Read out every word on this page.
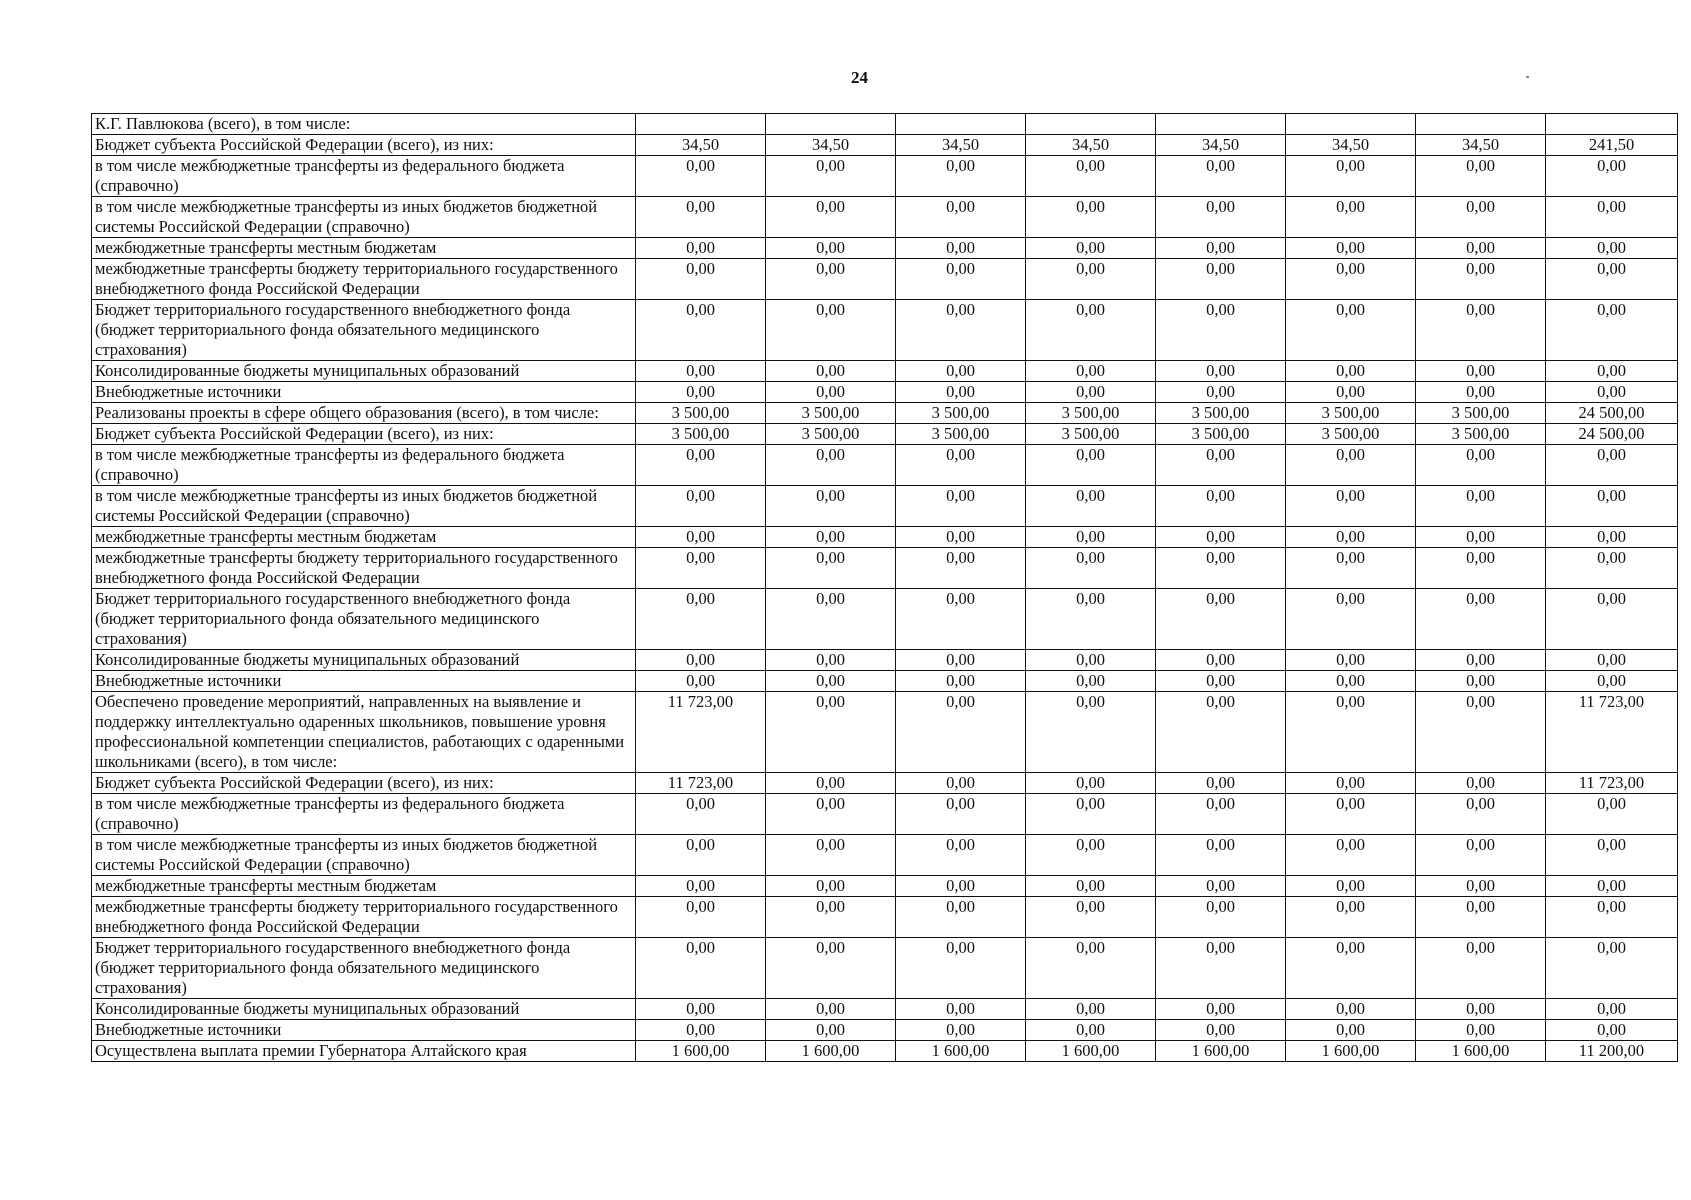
24
К.Г. Павлюкова (всего), в том числе:								
Бюджет субъекта Российской Федерации (всего), из них:	34,50	34,50	34,50	34,50	34,50	34,50	34,50	241,50
в том числе межбюджетные трансферты из федерального бюджета (справочно)	0,00	0,00	0,00	0,00	0,00	0,00	0,00	0,00
в том числе межбюджетные трансферты из иных бюджетов бюджетной системы Российской Федерации (справочно)	0,00	0,00	0,00	0,00	0,00	0,00	0,00	0,00
межбюджетные трансферты местным бюджетам	0,00	0,00	0,00	0,00	0,00	0,00	0,00	0,00
межбюджетные трансферты бюджету территориального государственного внебюджетного фонда Российской Федерации	0,00	0,00	0,00	0,00	0,00	0,00	0,00	0,00
Бюджет территориального государственного внебюджетного фонда (бюджет территориального фонда обязательного медицинского страхования)	0,00	0,00	0,00	0,00	0,00	0,00	0,00	0,00
Консолидированные бюджеты муниципальных образований	0,00	0,00	0,00	0,00	0,00	0,00	0,00	0,00
Внебюджетные источники	0,00	0,00	0,00	0,00	0,00	0,00	0,00	0,00
Реализованы проекты в сфере общего образования (всего), в том числе:	3 500,00	3 500,00	3 500,00	3 500,00	3 500,00	3 500,00	3 500,00	24 500,00
Бюджет субъекта Российской Федерации (всего), из них:	3 500,00	3 500,00	3 500,00	3 500,00	3 500,00	3 500,00	3 500,00	24 500,00
в том числе межбюджетные трансферты из федерального бюджета (справочно)	0,00	0,00	0,00	0,00	0,00	0,00	0,00	0,00
в том числе межбюджетные трансферты из иных бюджетов бюджетной системы Российской Федерации (справочно)	0,00	0,00	0,00	0,00	0,00	0,00	0,00	0,00
межбюджетные трансферты местным бюджетам	0,00	0,00	0,00	0,00	0,00	0,00	0,00	0,00
межбюджетные трансферты бюджету территориального государственного внебюджетного фонда Российской Федерации	0,00	0,00	0,00	0,00	0,00	0,00	0,00	0,00
Бюджет территориального государственного внебюджетного фонда (бюджет территориального фонда обязательного медицинского страхования)	0,00	0,00	0,00	0,00	0,00	0,00	0,00	0,00
Консолидированные бюджеты муниципальных образований	0,00	0,00	0,00	0,00	0,00	0,00	0,00	0,00
Внебюджетные источники	0,00	0,00	0,00	0,00	0,00	0,00	0,00	0,00
Обеспечено проведение мероприятий, направленных на выявление и поддержку интеллектуально одаренных школьников, повышение уровня профессиональной компетенции специалистов, работающих с одаренными школьниками (всего), в том числе:	11 723,00	0,00	0,00	0,00	0,00	0,00	0,00	11 723,00
Бюджет субъекта Российской Федерации (всего), из них:	11 723,00	0,00	0,00	0,00	0,00	0,00	0,00	11 723,00
в том числе межбюджетные трансферты из федерального бюджета (справочно)	0,00	0,00	0,00	0,00	0,00	0,00	0,00	0,00
в том числе межбюджетные трансферты из иных бюджетов бюджетной системы Российской Федерации (справочно)	0,00	0,00	0,00	0,00	0,00	0,00	0,00	0,00
межбюджетные трансферты местным бюджетам	0,00	0,00	0,00	0,00	0,00	0,00	0,00	0,00
межбюджетные трансферты бюджету территориального государственного внебюджетного фонда Российской Федерации	0,00	0,00	0,00	0,00	0,00	0,00	0,00	0,00
Бюджет территориального государственного внебюджетного фонда (бюджет территориального фонда обязательного медицинского страхования)	0,00	0,00	0,00	0,00	0,00	0,00	0,00	0,00
Консолидированные бюджеты муниципальных образований	0,00	0,00	0,00	0,00	0,00	0,00	0,00	0,00
Внебюджетные источники	0,00	0,00	0,00	0,00	0,00	0,00	0,00	0,00
Осуществлена выплата премии Губернатора Алтайского края	1 600,00	1 600,00	1 600,00	1 600,00	1 600,00	1 600,00	1 600,00	11 200,00
